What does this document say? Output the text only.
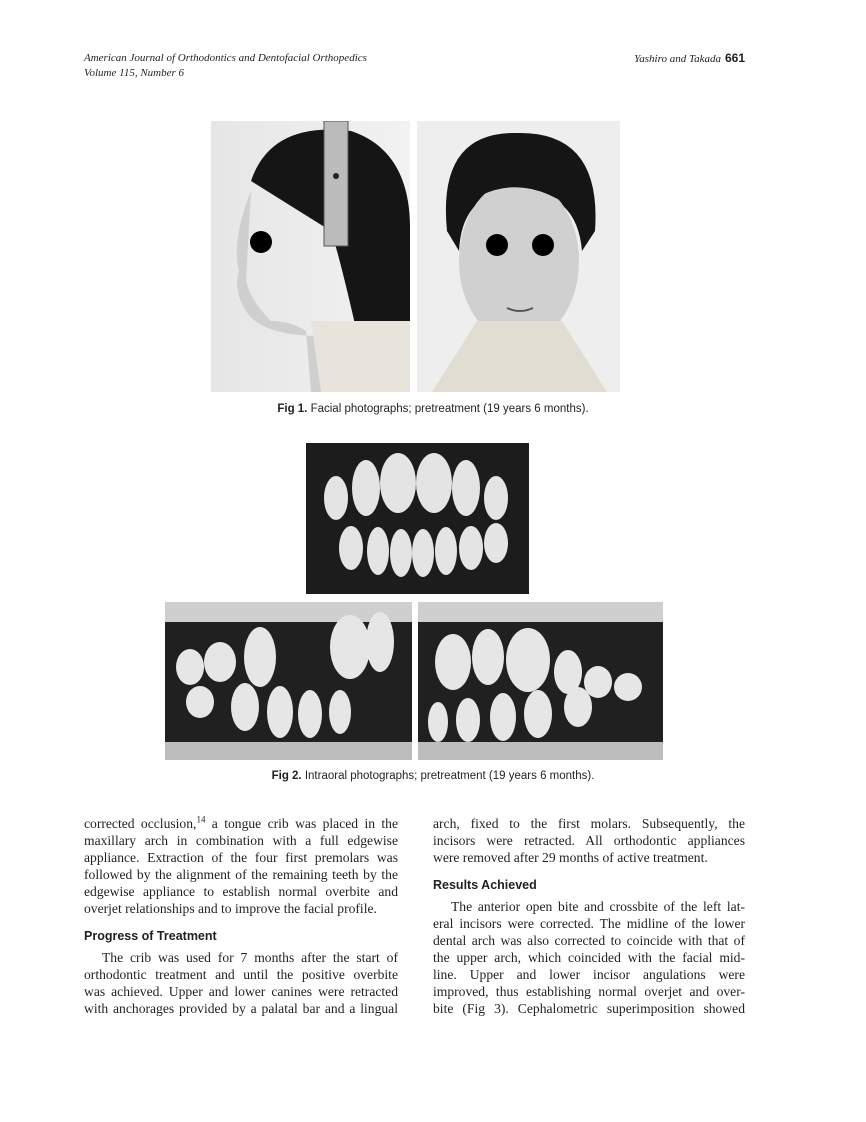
American Journal of Orthodontics and Dentofacial Orthopedics
Volume 115, Number 6
Yashiro and Takada 661
Fig 1. Facial photographs; pretreatment (19 years 6 months).
Fig 2. Intraoral photographs; pretreatment (19 years 6 months).
corrected occlusion,$^{14}$ a tongue crib was placed in the
maxillary arch in combination with a full edgewise
appliance. Extraction of the four first premolars was
followed by the alignment of the remaining teeth by the
edgewise appliance to establish normal overbite and
overjet relationships and to improve the facial profile.
Progress of Treatment
The crib was used for 7 months after the start of
orthodontic treatment and until the positive overbite
was achieved. Upper and lower canines were retracted
with anchorages provided by a palatal bar and a lingual
arch, fixed to the first molars. Subsequently, the
incisors were retracted. All orthodontic appliances
were removed after 29 months of active treatment.
Results Achieved
The anterior open bite and crossbite of the left lat-
eral incisors were corrected. The midline of the lower
dental arch was also corrected to coincide with that of
the upper arch, which coincided with the facial mid-
line. Upper and lower incisor angulations were
improved, thus establishing normal overjet and over-
bite (Fig 3). Cephalometric superimposition showed
